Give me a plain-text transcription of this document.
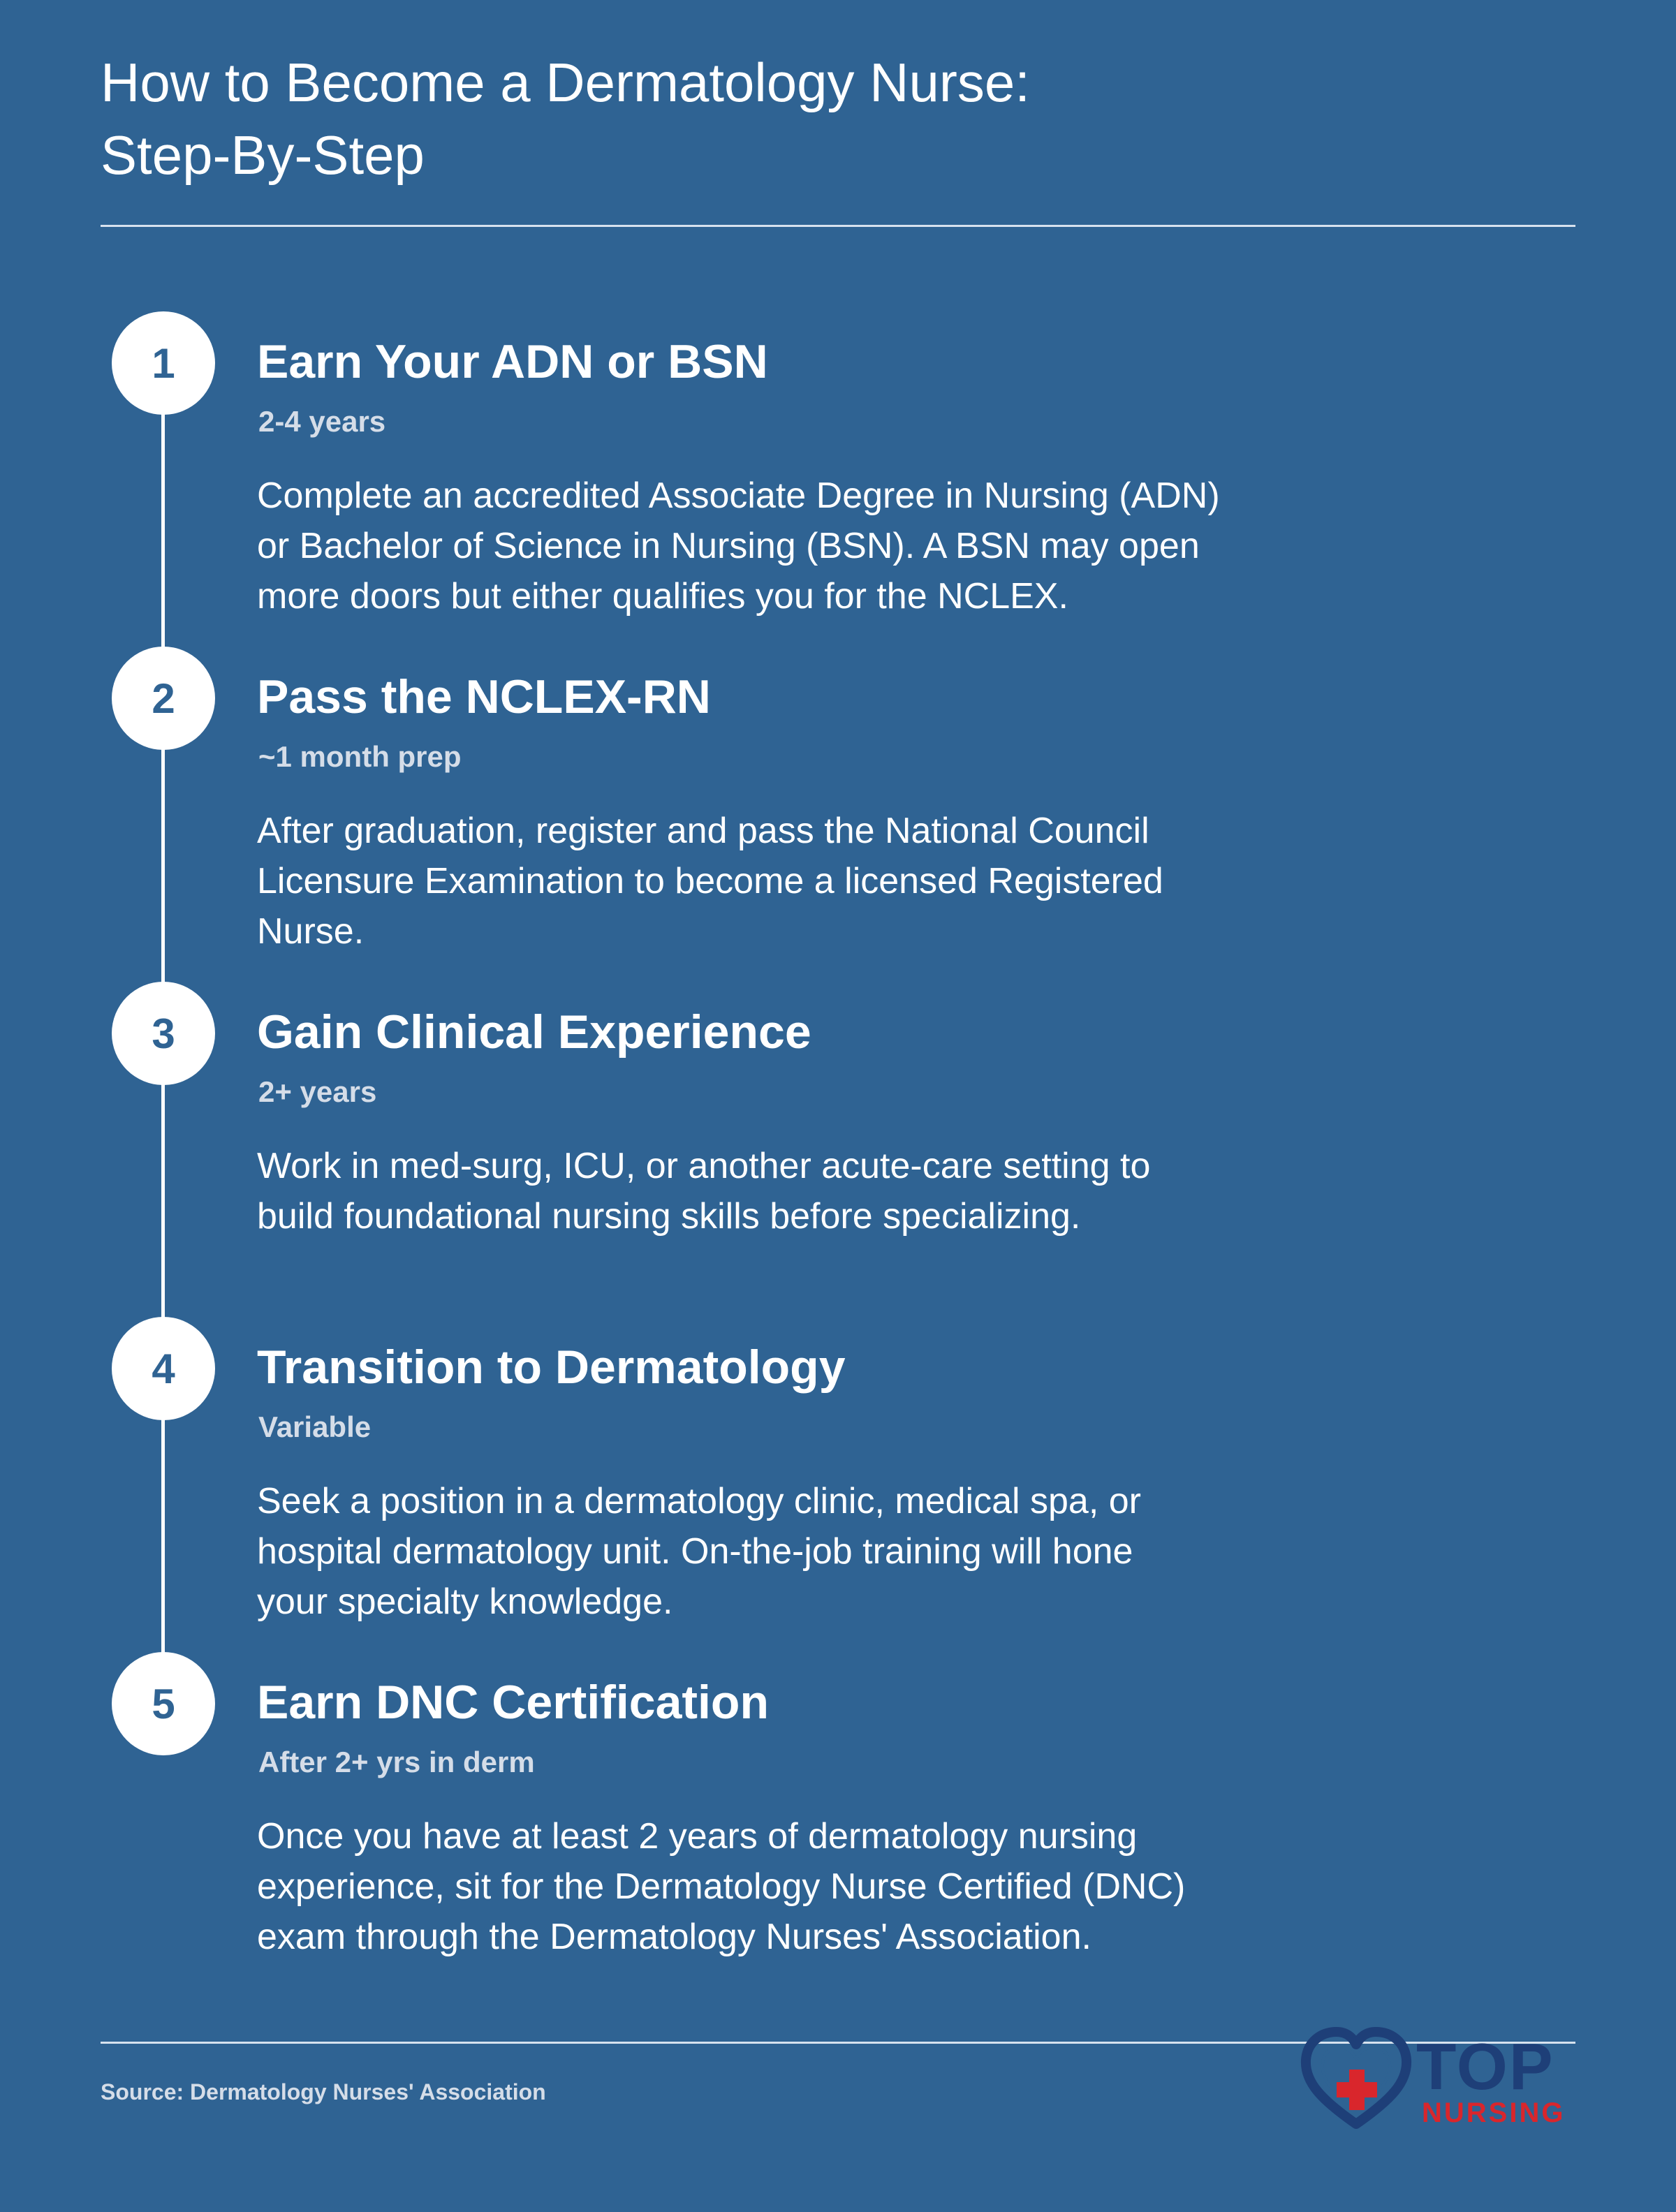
How to Become a Dermatology Nurse:
Step-By-Step
1	Earn Your ADN or BSN
2-4 years
Complete an accredited Associate Degree in Nursing (ADN)
or Bachelor of Science in Nursing (BSN). A BSN may open
more doors but either qualifies you for the NCLEX.
2	Pass the NCLEX-RN
~1 month prep
After graduation, register and pass the National Council
Licensure Examination to become a licensed Registered
Nurse.
3	Gain Clinical Experience
2+ years
Work in med-surg, ICU, or another acute-care setting to
build foundational nursing skills before specializing.
4	Transition to Dermatology
Variable
Seek a position in a dermatology clinic, medical spa, or
hospital dermatology unit. On-the-job training will hone
your specialty knowledge.
5	Earn DNC Certification
After 2+ yrs in derm
Once you have at least 2 years of dermatology nursing
experience, sit for the Dermatology Nurse Certified (DNC)
exam through the Dermatology Nurses' Association.
Source: Dermatology Nurses' Association	TOP
NURSING
